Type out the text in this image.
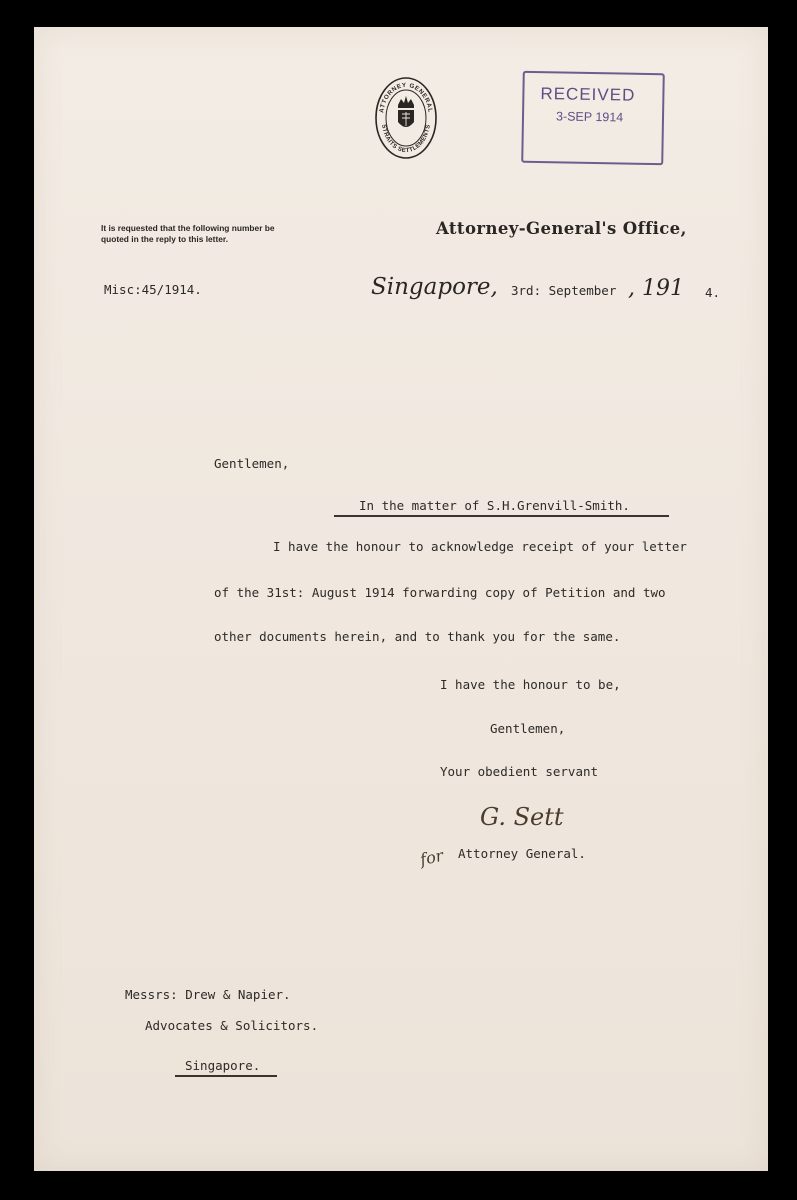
ATTORNEY GENERAL
STRAITS SETTLEMENTS
RECEIVED
3-SEP 1914
It is requested that the following number be quoted in the reply to this letter.
Attorney-General's Office,
Misc:45/1914.	Singapore, 3rd: September , 191 4.
Gentlemen,
In the matter of S.H.Grenvill-Smith.
I have the honour to acknowledge receipt of your letter
of the 31st: August 1914 forwarding copy of Petition and two
other documents herein, and to thank you for the same.
I have the honour to be,
Gentlemen,
Your obedient servant
G. Sett
for Attorney General.
Messrs: Drew & Napier.
Advocates & Solicitors.
Singapore.
